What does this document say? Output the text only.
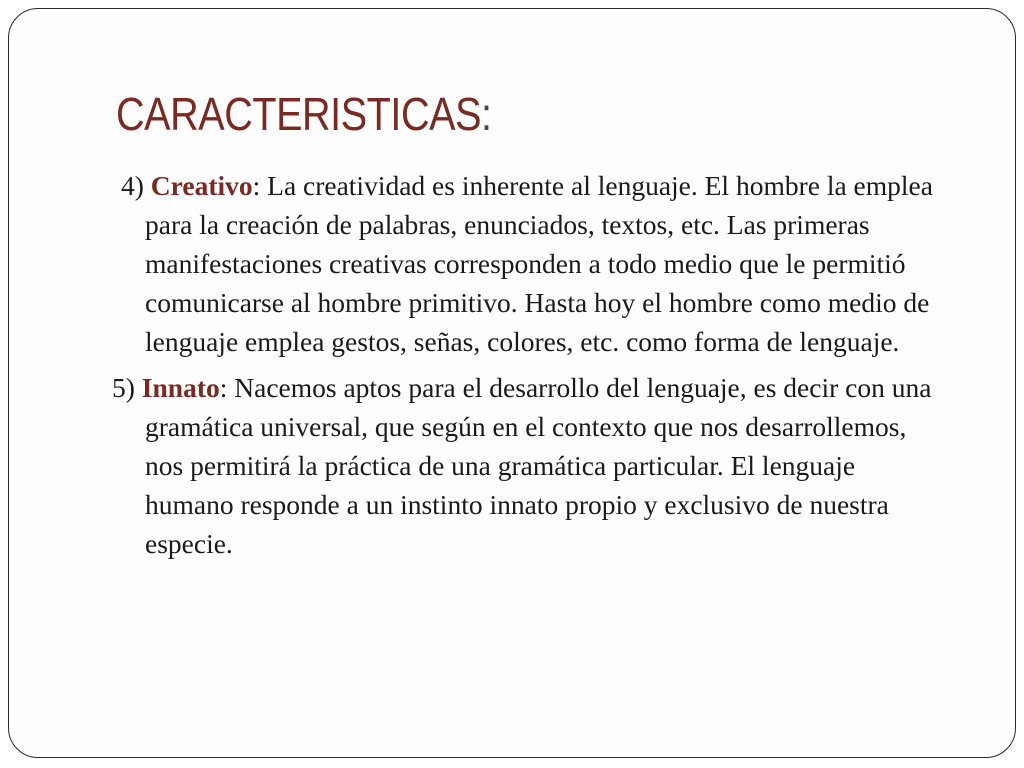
CARACTERISTICAS:

4) Creativo: La creatividad es inherente al lenguaje. El hombre la emplea para la creación de palabras, enunciados, textos, etc. Las primeras manifestaciones creativas corresponden a todo medio que le permitió comunicarse al hombre primitivo. Hasta hoy el hombre como medio de lenguaje emplea gestos, señas, colores, etc. como forma de lenguaje.

5) Innato: Nacemos aptos para el desarrollo del lenguaje, es decir con una gramática universal, que según en el contexto que nos desarrollemos, nos permitirá la práctica de una gramática particular. El lenguaje humano responde a un instinto innato propio y exclusivo de nuestra especie.
